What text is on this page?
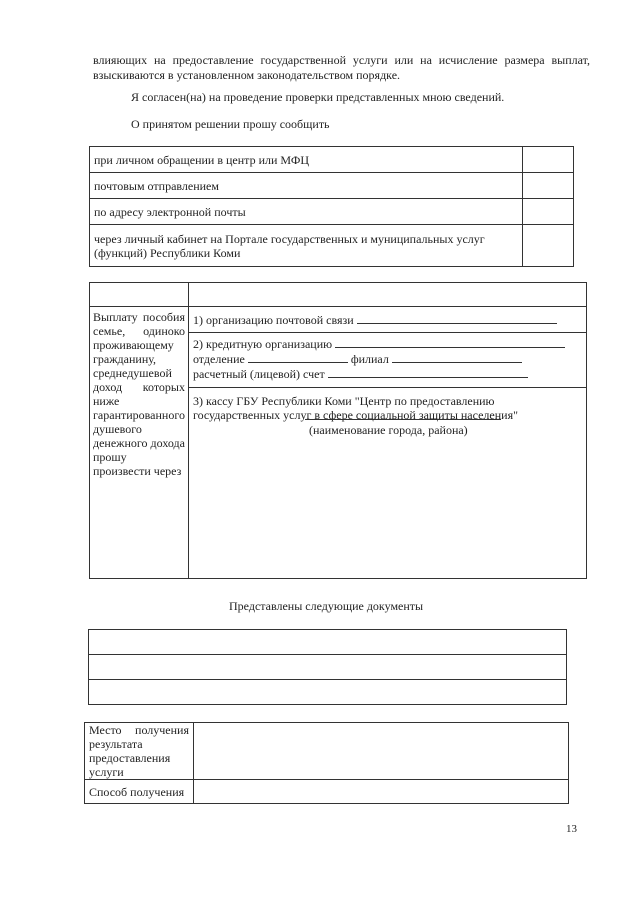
влияющих на предоставление государственной услуги или на исчисление размера выплат, взыскиваются в установленном законодательством порядке.
Я согласен(на) на проведение проверки представленных мною сведений.
О принятом решении прошу сообщить
при личном обращении в центр или МФЦ	
почтовым отправлением	
по адресу электронной почты	
через личный кабинет на Портале государственных и муниципальных услуг (функций) Республики Коми	

Выплату пособия семье, одиноко проживающему гражданину, среднедушевой доход которых ниже гарантированного душевого денежного дохода прошу произвести через	1) организацию почтовой связи

	2) кредитную организацию
отделение филиал
расчетный (лицевой) счет

	3) кассу ГБУ Республики Коми "Центр по предоставлению государственных услуг в сфере социальной защиты населения"
(наименование города, района)
Представлены следующие документы

Место получения результата предоставления услуги	
Способ получения	
13
